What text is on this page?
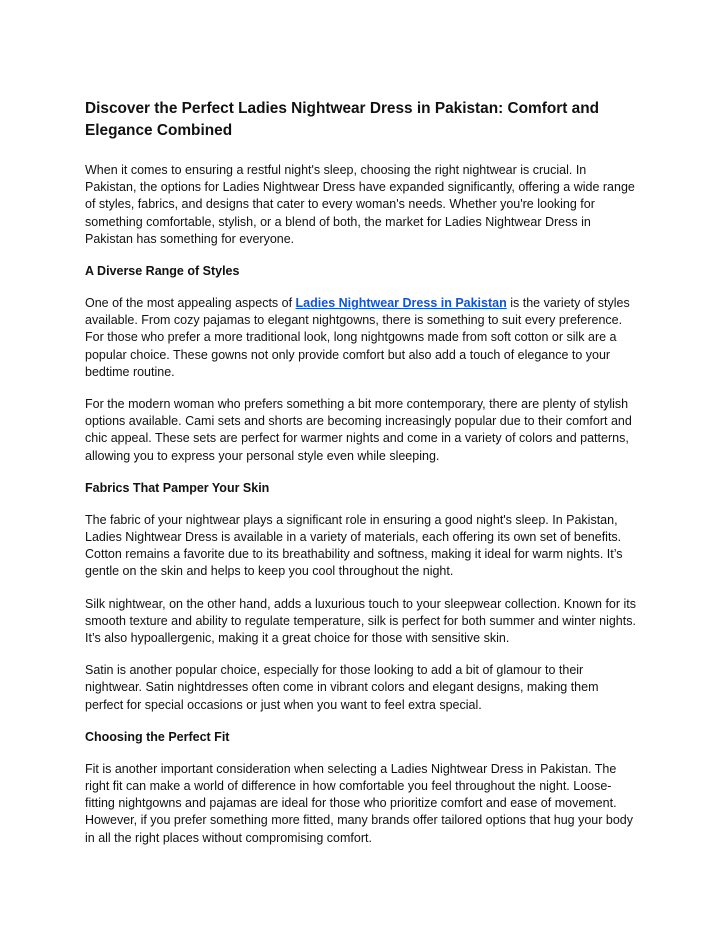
Discover the Perfect Ladies Nightwear Dress in Pakistan: Comfort and Elegance Combined

When it comes to ensuring a restful night's sleep, choosing the right nightwear is crucial. In Pakistan, the options for Ladies Nightwear Dress have expanded significantly, offering a wide range of styles, fabrics, and designs that cater to every woman's needs. Whether you're looking for something comfortable, stylish, or a blend of both, the market for Ladies Nightwear Dress in Pakistan has something for everyone.

A Diverse Range of Styles

One of the most appealing aspects of Ladies Nightwear Dress in Pakistan is the variety of styles available. From cozy pajamas to elegant nightgowns, there is something to suit every preference. For those who prefer a more traditional look, long nightgowns made from soft cotton or silk are a popular choice. These gowns not only provide comfort but also add a touch of elegance to your bedtime routine.

For the modern woman who prefers something a bit more contemporary, there are plenty of stylish options available. Cami sets and shorts are becoming increasingly popular due to their comfort and chic appeal. These sets are perfect for warmer nights and come in a variety of colors and patterns, allowing you to express your personal style even while sleeping.

Fabrics That Pamper Your Skin

The fabric of your nightwear plays a significant role in ensuring a good night's sleep. In Pakistan, Ladies Nightwear Dress is available in a variety of materials, each offering its own set of benefits. Cotton remains a favorite due to its breathability and softness, making it ideal for warm nights. It’s gentle on the skin and helps to keep you cool throughout the night.

Silk nightwear, on the other hand, adds a luxurious touch to your sleepwear collection. Known for its smooth texture and ability to regulate temperature, silk is perfect for both summer and winter nights. It’s also hypoallergenic, making it a great choice for those with sensitive skin.

Satin is another popular choice, especially for those looking to add a bit of glamour to their nightwear. Satin nightdresses often come in vibrant colors and elegant designs, making them perfect for special occasions or just when you want to feel extra special.

Choosing the Perfect Fit

Fit is another important consideration when selecting a Ladies Nightwear Dress in Pakistan. The right fit can make a world of difference in how comfortable you feel throughout the night. Loose-fitting nightgowns and pajamas are ideal for those who prioritize comfort and ease of movement. However, if you prefer something more fitted, many brands offer tailored options that hug your body in all the right places without compromising comfort.
